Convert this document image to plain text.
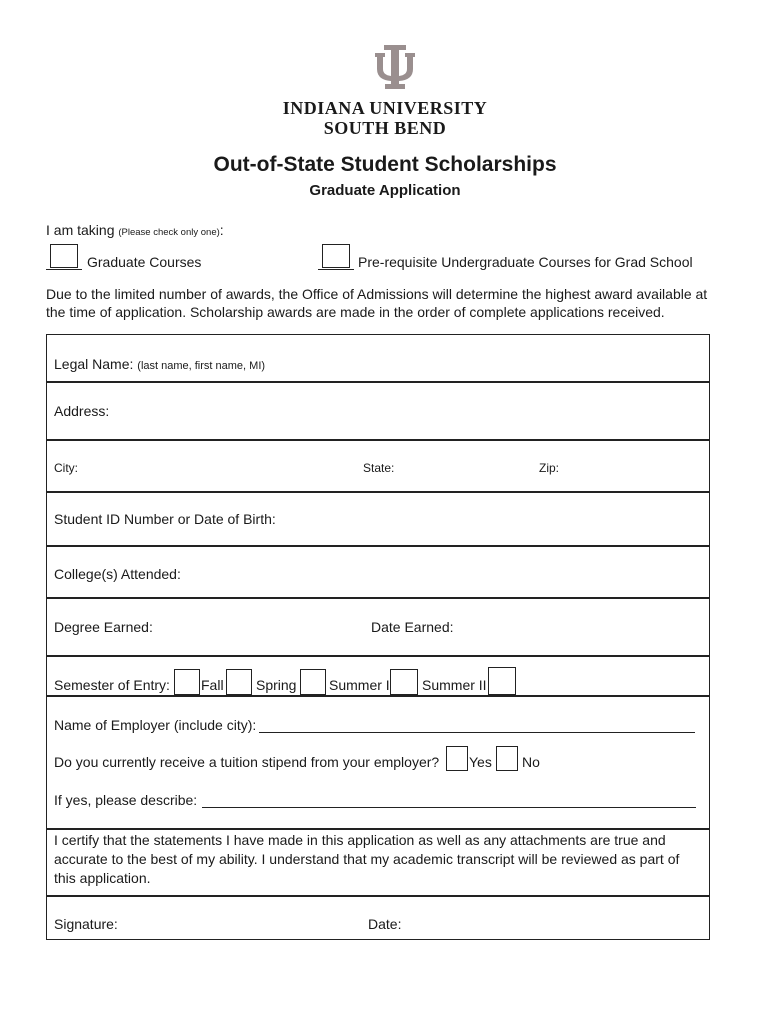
INDIANA UNIVERSITY
SOUTH BEND
Out-of-State Student Scholarships
Graduate Application
I am taking (Please check only one):
Graduate Courses	Pre-requisite Undergraduate Courses for Grad School
Due to the limited number of awards, the Office of Admissions will determine the highest award available at the time of application. Scholarship awards are made in the order of complete applications received.
Legal Name: (last name, first name, MI)
Address:
City:	State:	Zip:
Student ID Number or Date of Birth:
College(s) Attended:
Degree Earned:	Date Earned:
Semester of Entry: Fall Spring Summer I Summer II
Name of Employer (include city):
Do you currently receive a tuition stipend from your employer? Yes No
If yes, please describe:
I certify that the statements I have made in this application as well as any attachments are true and accurate to the best of my ability. I understand that my academic transcript will be reviewed as part of this application.
Signature:	Date:
